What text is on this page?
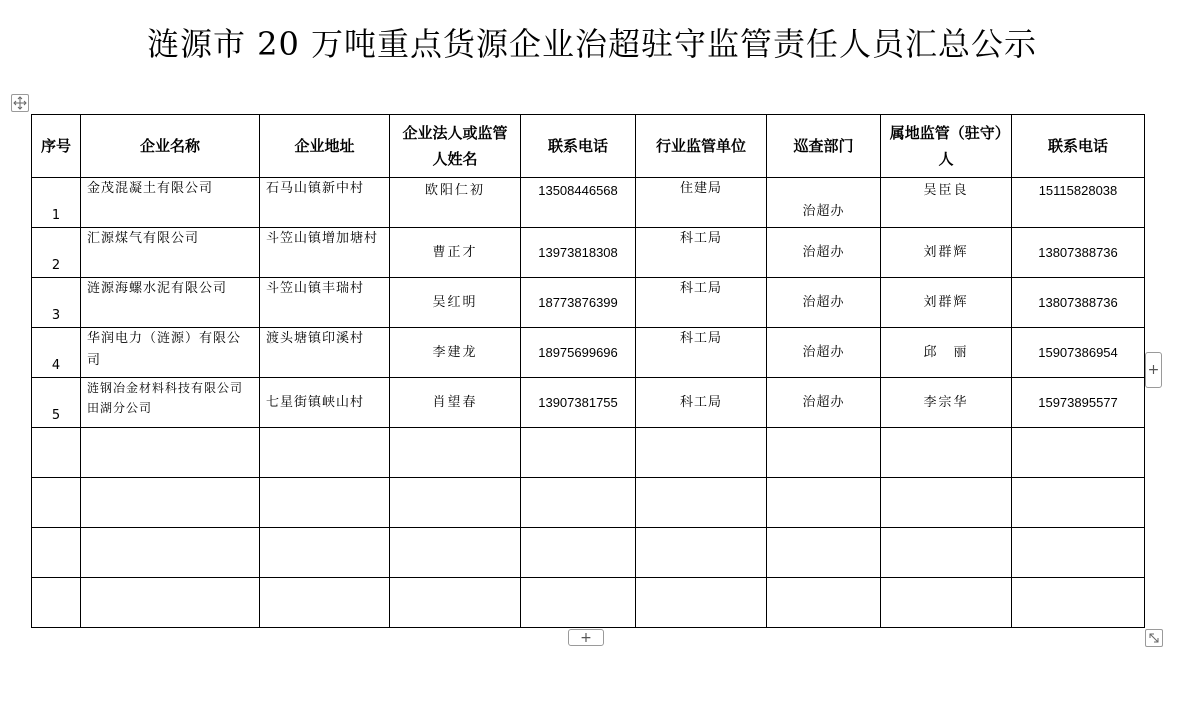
涟源市 20 万吨重点货源企业治超驻守监管责任人员汇总公示
序号	企业名称	企业地址	企业法人或监管人姓名	联系电话	行业监管单位	巡查部门	属地监管（驻守）人	联系电话
1	金茂混凝土有限公司	石马山镇新中村	欧阳仁初	13508446568	住建局	治超办	吴臣良	15115828038
2	汇源煤气有限公司	斗笠山镇增加塘村	曹正才	13973818308	科工局	治超办	刘群辉	13807388736
3	涟源海螺水泥有限公司	斗笠山镇丰瑞村	吴红明	18773876399	科工局	治超办	刘群辉	13807388736
4	华润电力（涟源）有限公司	渡头塘镇印溪村	李建龙	18975699696	科工局	治超办	邱　丽	15907386954
5	涟钢冶金材料科技有限公司田湖分公司	七星街镇峡山村	肖望春	13907381755	科工局	治超办	李宗华	15973895577

+
+
